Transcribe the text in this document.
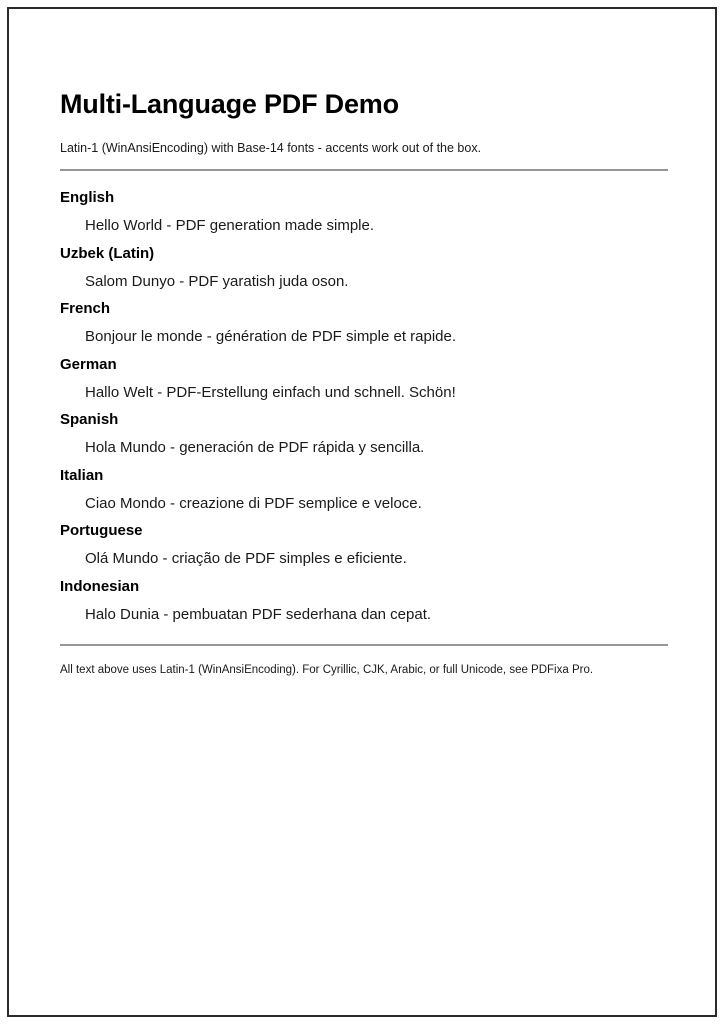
Multi-Language PDF Demo

Latin-1 (WinAnsiEncoding) with Base-14 fonts - accents work out of the box.

English

Hello World - PDF generation made simple.

Uzbek (Latin)

Salom Dunyo - PDF yaratish juda oson.

French

Bonjour le monde - génération de PDF simple et rapide.

German

Hallo Welt - PDF-Erstellung einfach und schnell. Schön!

Spanish

Hola Mundo - generación de PDF rápida y sencilla.

Italian

Ciao Mondo - creazione di PDF semplice e veloce.

Portuguese

Olá Mundo - criação de PDF simples e eficiente.

Indonesian

Halo Dunia - pembuatan PDF sederhana dan cepat.

All text above uses Latin-1 (WinAnsiEncoding). For Cyrillic, CJK, Arabic, or full Unicode, see PDFixa Pro.
